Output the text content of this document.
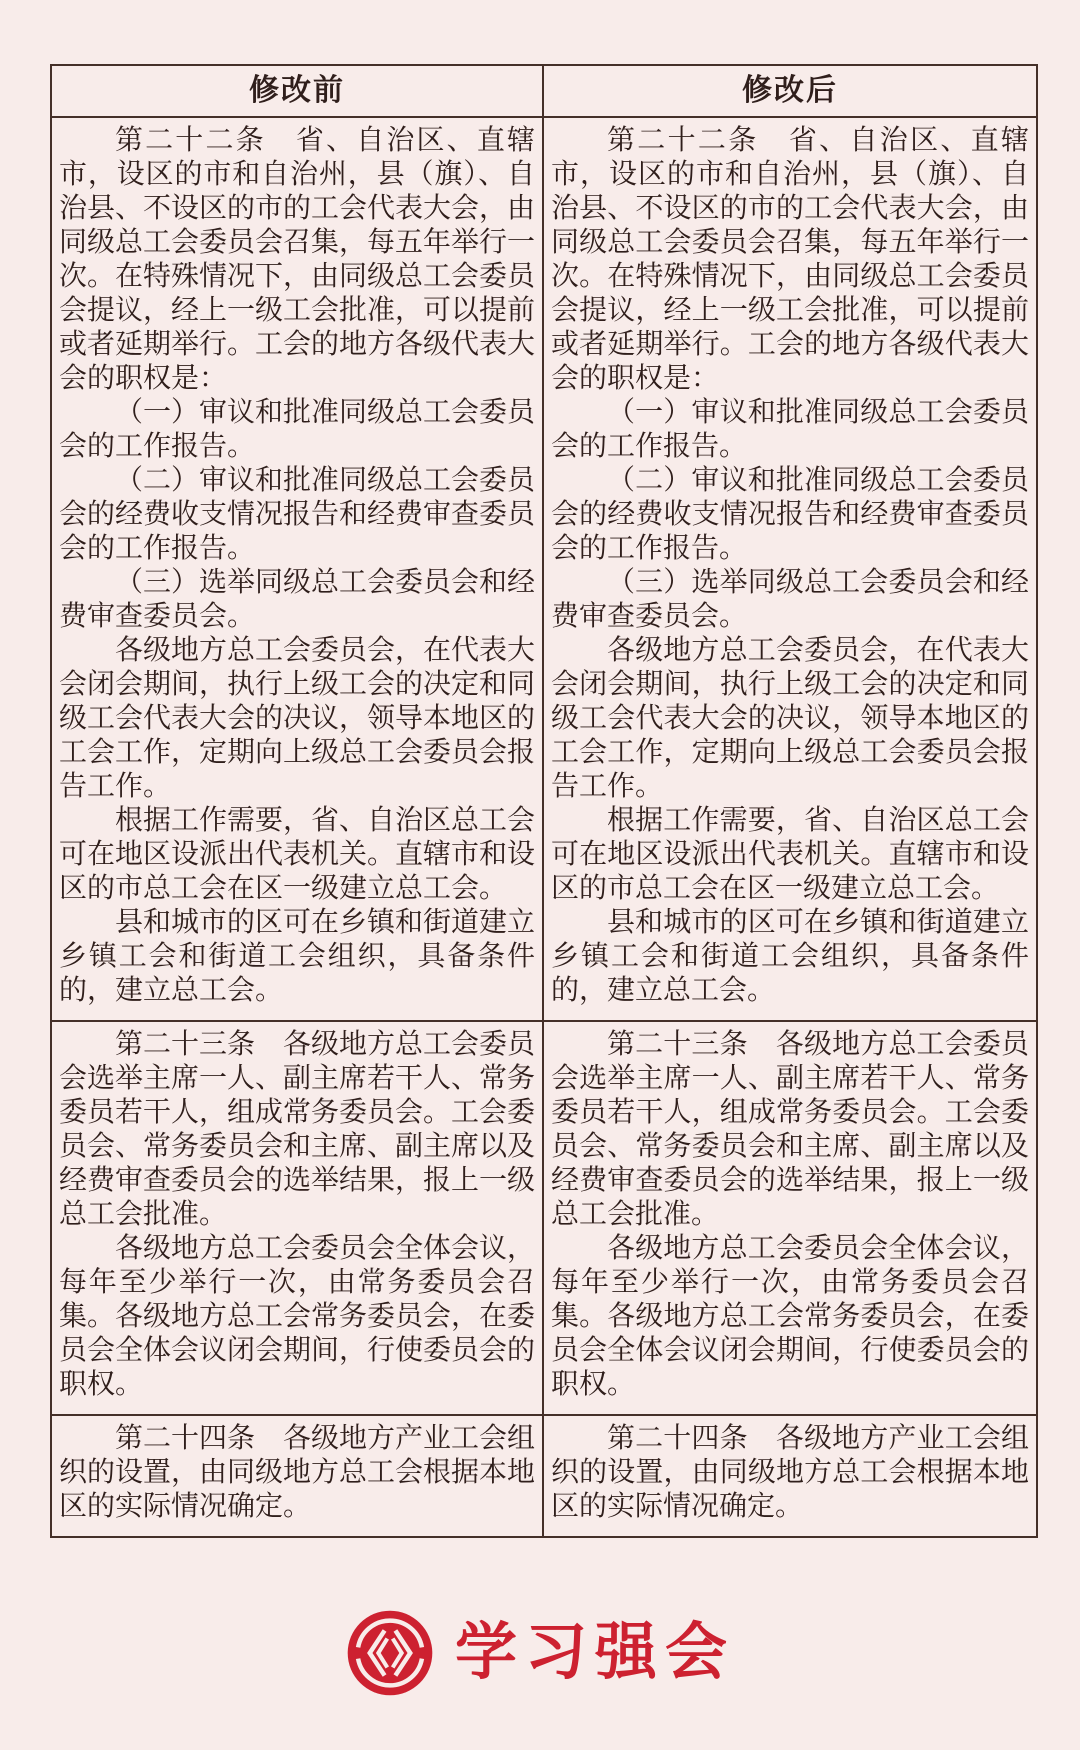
修改前	修改后

第二十二条　省、自治区、直辖市，设区的市和自治州，县（旗）、自治县、不设区的市的工会代表大会，由同级总工会委员会召集，每五年举行一次。在特殊情况下，由同级总工会委员会提议，经上一级工会批准，可以提前或者延期举行。工会的地方各级代表大会的职权是：

（一）审议和批准同级总工会委员会的工作报告。

（二）审议和批准同级总工会委员会的经费收支情况报告和经费审查委员会的工作报告。

（三）选举同级总工会委员会和经费审查委员会。

各级地方总工会委员会，在代表大会闭会期间，执行上级工会的决定和同级工会代表大会的决议，领导本地区的工会工作，定期向上级总工会委员会报告工作。

根据工作需要，省、自治区总工会可在地区设派出代表机关。直辖市和设区的市总工会在区一级建立总工会。

县和城市的区可在乡镇和街道建立乡镇工会和街道工会组织，具备条件的，建立总工会。

第二十二条　省、自治区、直辖市，设区的市和自治州，县（旗）、自治县、不设区的市的工会代表大会，由同级总工会委员会召集，每五年举行一次。在特殊情况下，由同级总工会委员会提议，经上一级工会批准，可以提前或者延期举行。工会的地方各级代表大会的职权是：

（一）审议和批准同级总工会委员会的工作报告。

（二）审议和批准同级总工会委员会的经费收支情况报告和经费审查委员会的工作报告。

（三）选举同级总工会委员会和经费审查委员会。

各级地方总工会委员会，在代表大会闭会期间，执行上级工会的决定和同级工会代表大会的决议，领导本地区的工会工作，定期向上级总工会委员会报告工作。

根据工作需要，省、自治区总工会可在地区设派出代表机关。直辖市和设区的市总工会在区一级建立总工会。

县和城市的区可在乡镇和街道建立乡镇工会和街道工会组织，具备条件的，建立总工会。

第二十三条　各级地方总工会委员会选举主席一人、副主席若干人、常务委员若干人，组成常务委员会。工会委员会、常务委员会和主席、副主席以及经费审查委员会的选举结果，报上一级总工会批准。

各级地方总工会委员会全体会议，每年至少举行一次，由常务委员会召集。各级地方总工会常务委员会，在委员会全体会议闭会期间，行使委员会的职权。

第二十三条　各级地方总工会委员会选举主席一人、副主席若干人、常务委员若干人，组成常务委员会。工会委员会、常务委员会和主席、副主席以及经费审查委员会的选举结果，报上一级总工会批准。

各级地方总工会委员会全体会议，每年至少举行一次，由常务委员会召集。各级地方总工会常务委员会，在委员会全体会议闭会期间，行使委员会的职权。

第二十四条　各级地方产业工会组织的设置，由同级地方总工会根据本地区的实际情况确定。

第二十四条　各级地方产业工会组织的设置，由同级地方总工会根据本地区的实际情况确定。

学习强会
